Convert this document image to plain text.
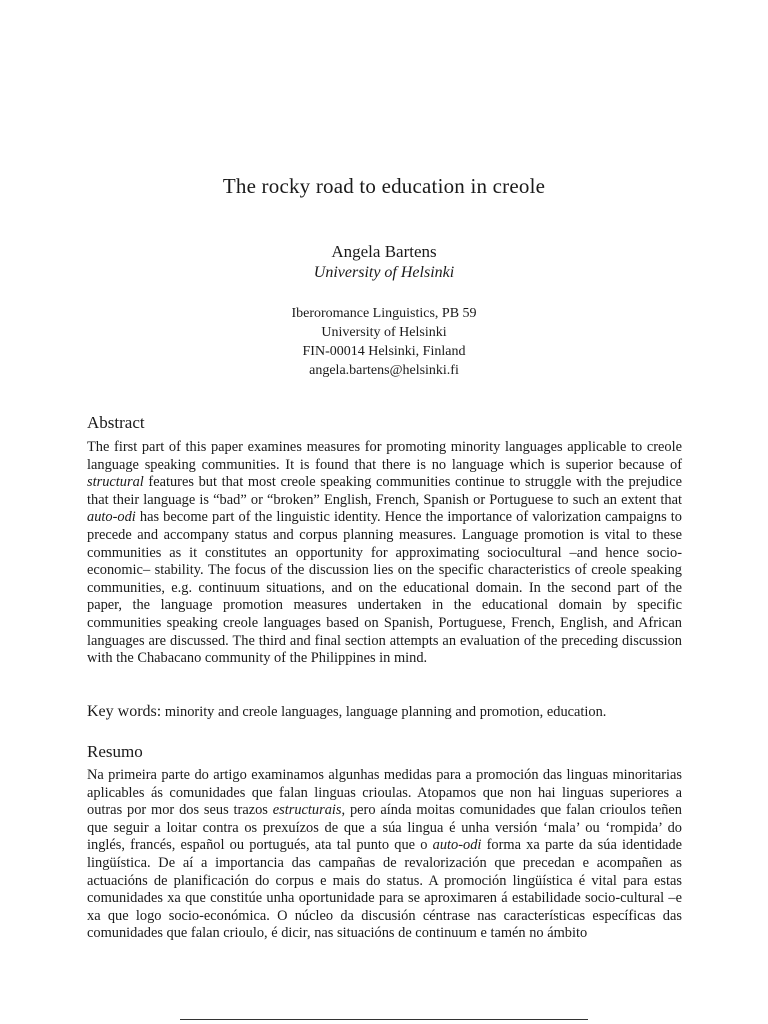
The rocky road to education in creole
Angela Bartens
University of Helsinki
Iberoromance Linguistics, PB 59
University of Helsinki
FIN-00014 Helsinki, Finland
angela.bartens@helsinki.fi
Abstract

The first part of this paper examines measures for promoting minority languages applicable to creole language speaking communities. It is found that there is no language which is superior because of structural features but that most creole speaking communities continue to struggle with the prejudice that their language is “bad” or “broken” English, French, Spanish or Portuguese to such an extent that auto-odi has become part of the linguistic identity. Hence the importance of valorization campaigns to precede and accompany status and corpus planning measures. Language promotion is vital to these communities as it constitutes an opportunity for approximating sociocultural –and hence socio-economic– stability. The focus of the discussion lies on the specific characteristics of creole speaking communities, e.g. continuum situations, and on the educational domain. In the second part of the paper, the language promotion measures undertaken in the educational domain by specific communities speaking creole languages based on Spanish, Portuguese, French, English, and African languages are discussed. The third and final section attempts an evaluation of the preceding discussion with the Chabacano community of the Philippines in mind.

Key words: minority and creole languages, language planning and promotion, education.
Resumo

Na primeira parte do artigo examinamos algunhas medidas para a promoción das linguas minoritarias aplicables ás comunidades que falan linguas crioulas. Atopamos que non hai linguas superiores a outras por mor dos seus trazos estructurais, pero aínda moitas comunidades que falan crioulos teñen que seguir a loitar contra os prexuízos de que a súa lingua é unha versión ‘mala’ ou ‘rompida’ do inglés, francés, español ou portugués, ata tal punto que o auto-odi forma xa parte da súa identidade lingüística. De aí a importancia das campañas de revalorización que precedan e acompañen as actuacións de planificación do corpus e mais do status. A promoción lingüística é vital para estas comunidades xa que constitúe unha oportunidade para se aproximaren á estabilidade socio-cultural –e xa que logo socio-económica. O núcleo da discusión céntrase nas características específicas das comunidades que falan crioulo, é dicir, nas situacións de continuum e tamén no ámbito
